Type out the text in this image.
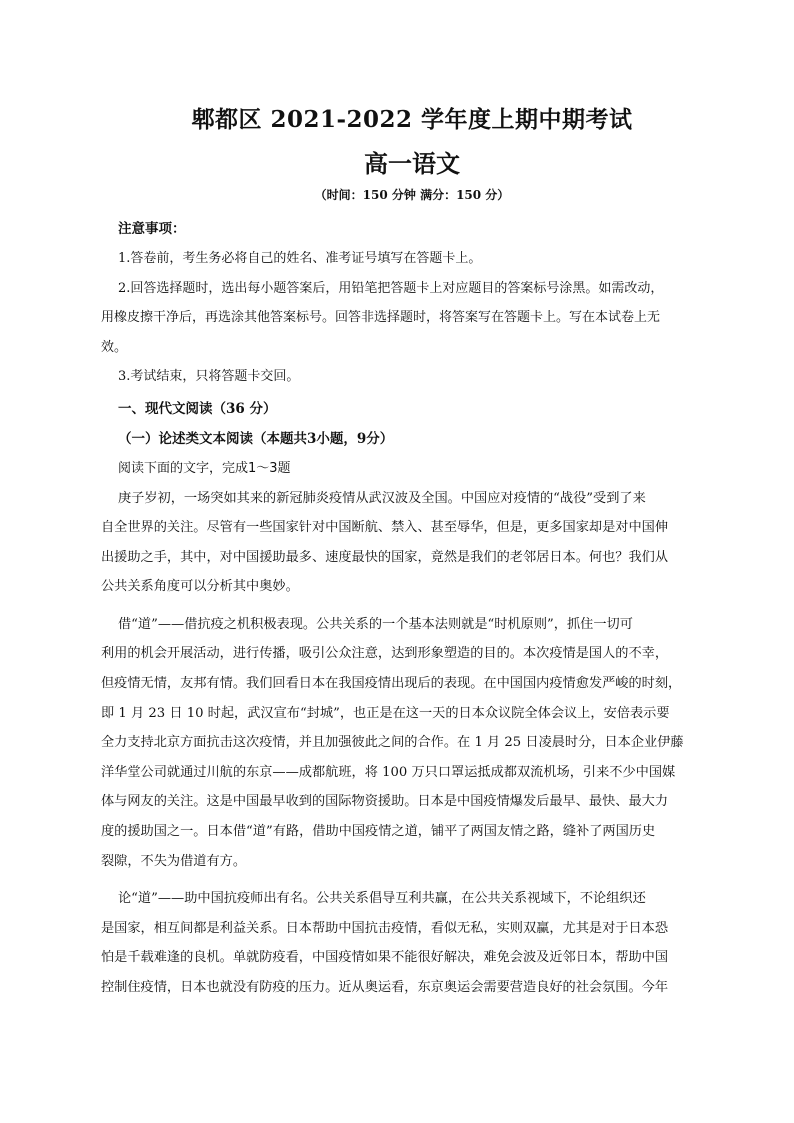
郫都区 2021-2022 学年度上期中期考试
高一语文
（时间：150 分钟 满分：150 分）
注意事项：

1.答卷前，考生务必将自己的姓名、准考证号填写在答题卡上。

2.回答选择题时，选出每小题答案后，用铅笔把答题卡上对应题目的答案标号涂黑。如需改动，

用橡皮擦干净后，再选涂其他答案标号。回答非选择题时，将答案写在答题卡上。写在本试卷上无

效。

3.考试结束，只将答题卡交回。

一、现代文阅读（36 分）
（一）论述类文本阅读（本题共3小题，9分）
阅读下面的文字，完成1～3题

庚子岁初，一场突如其来的新冠肺炎疫情从武汉波及全国。中国应对疫情的“战役”受到了来

自全世界的关注。尽管有一些国家针对中国断航、禁入、甚至辱华，但是，更多国家却是对中国伸

出援助之手，其中，对中国援助最多、速度最快的国家，竟然是我们的老邻居日本。何也？我们从

公共关系角度可以分析其中奥妙。

借“道”——借抗疫之机积极表现。公共关系的一个基本法则就是“时机原则”，抓住一切可

利用的机会开展活动，进行传播，吸引公众注意，达到形象塑造的目的。本次疫情是国人的不幸，

但疫情无情，友邦有情。我们回看日本在我国疫情出现后的表现。在中国国内疫情愈发严峻的时刻，

即 1 月 23 日 10 时起，武汉宣布“封城”，也正是在这一天的日本众议院全体会议上，安倍表示要

全力支持北京方面抗击这次疫情，并且加强彼此之间的合作。在 1 月 25 日凌晨时分，日本企业伊藤

洋华堂公司就通过川航的东京——成都航班，将 100 万只口罩运抵成都双流机场，引来不少中国媒

体与网友的关注。这是中国最早收到的国际物资援助。日本是中国疫情爆发后最早、最快、最大力

度的援助国之一。日本借“道”有路，借助中国疫情之道，铺平了两国友情之路，缝补了两国历史

裂隙，不失为借道有方。

论“道”——助中国抗疫师出有名。公共关系倡导互利共赢，在公共关系视域下，不论组织还

是国家，相互间都是利益关系。日本帮助中国抗击疫情，看似无私，实则双赢，尤其是对于日本恐

怕是千载难逢的良机。单就防疫看，中国疫情如果不能很好解决，难免会波及近邻日本，帮助中国

控制住疫情，日本也就没有防疫的压力。近从奥运看，东京奥运会需要营造良好的社会氛围。今年
